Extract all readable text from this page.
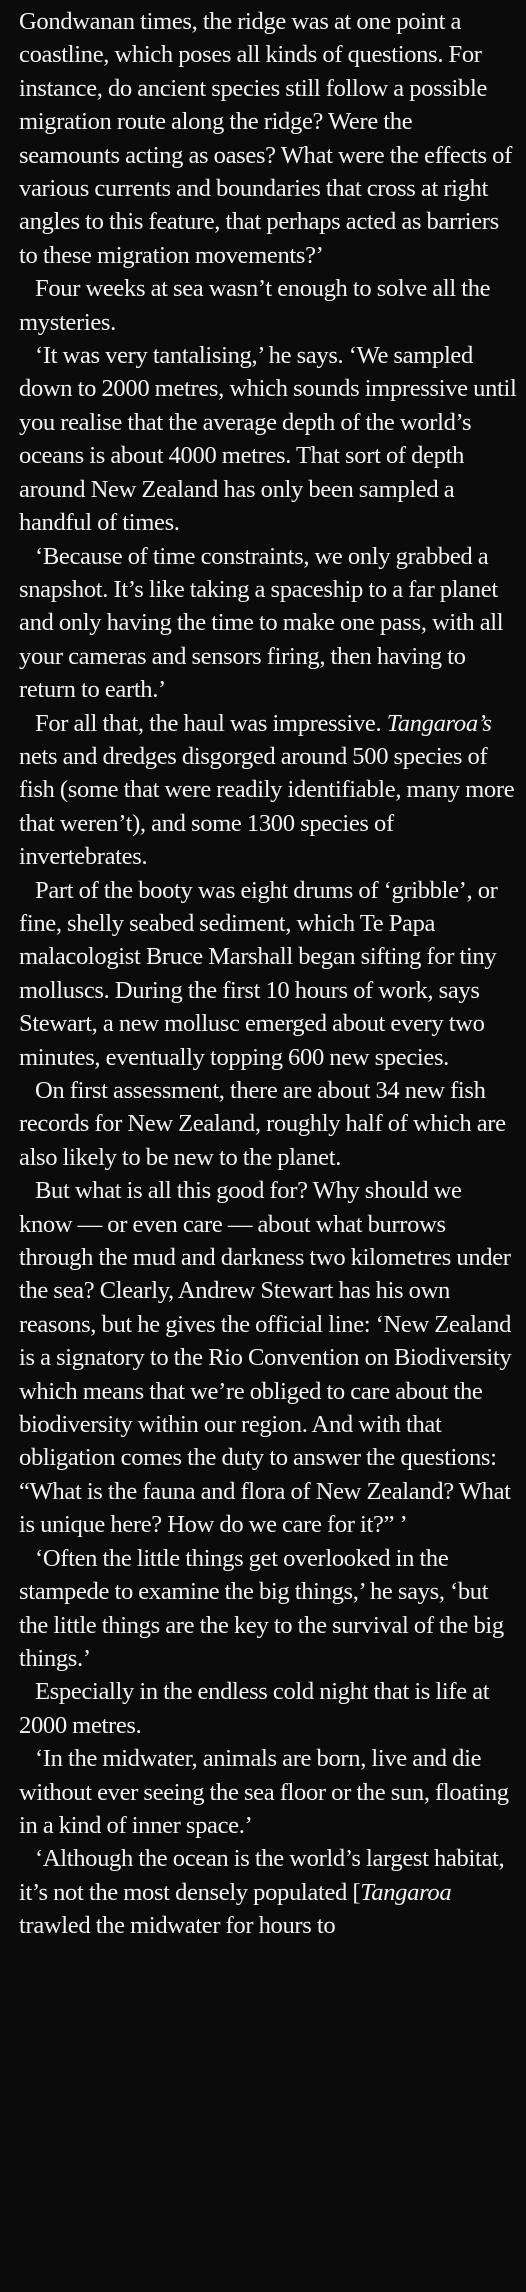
Gondwanan times, the ridge was at one point a coastline, which poses all kinds of questions. For instance, do ancient species still follow a possible migration route along the ridge? Were the seamounts acting as oases? What were the effects of various currents and boundaries that cross at right angles to this feature, that perhaps acted as barriers to these migration movements?’

Four weeks at sea wasn’t enough to solve all the mysteries.

‘It was very tantalising,’ he says. ‘We sampled down to 2000 metres, which sounds impressive until you realise that the average depth of the world’s oceans is about 4000 metres. That sort of depth around New Zealand has only been sampled a handful of times.

‘Because of time constraints, we only grabbed a snapshot. It’s like taking a spaceship to a far planet and only having the time to make one pass, with all your cameras and sensors firing, then having to return to earth.’

For all that, the haul was impressive. Tangaroa’s nets and dredges disgorged around 500 species of fish (some that were readily identifiable, many more that weren’t), and some 1300 species of invertebrates.

Part of the booty was eight drums of ‘gribble’, or fine, shelly seabed sediment, which Te Papa malacologist Bruce Marshall began sifting for tiny molluscs. During the first 10 hours of work, says Stewart, a new mollusc emerged about every two minutes, eventually topping 600 new species.

On first assessment, there are about 34 new fish records for New Zealand, roughly half of which are also likely to be new to the planet.

But what is all this good for? Why should we know — or even care — about what burrows through the mud and darkness two kilometres under the sea? Clearly, Andrew Stewart has his own reasons, but he gives the official line: ‘New Zealand is a signatory to the Rio Convention on Biodiversity which means that we’re obliged to care about the biodiversity within our region. And with that obligation comes the duty to answer the questions: “What is the fauna and flora of New Zealand? What is unique here? How do we care for it?” ’

‘Often the little things get overlooked in the stampede to examine the big things,’ he says, ‘but the little things are the key to the survival of the big things.’

Especially in the endless cold night that is life at 2000 metres.

‘In the midwater, animals are born, live and die without ever seeing the sea floor or the sun, floating in a kind of inner space.’

‘Although the ocean is the world’s largest habitat, it’s not the most densely populated [Tangaroa trawled the midwater for hours to
